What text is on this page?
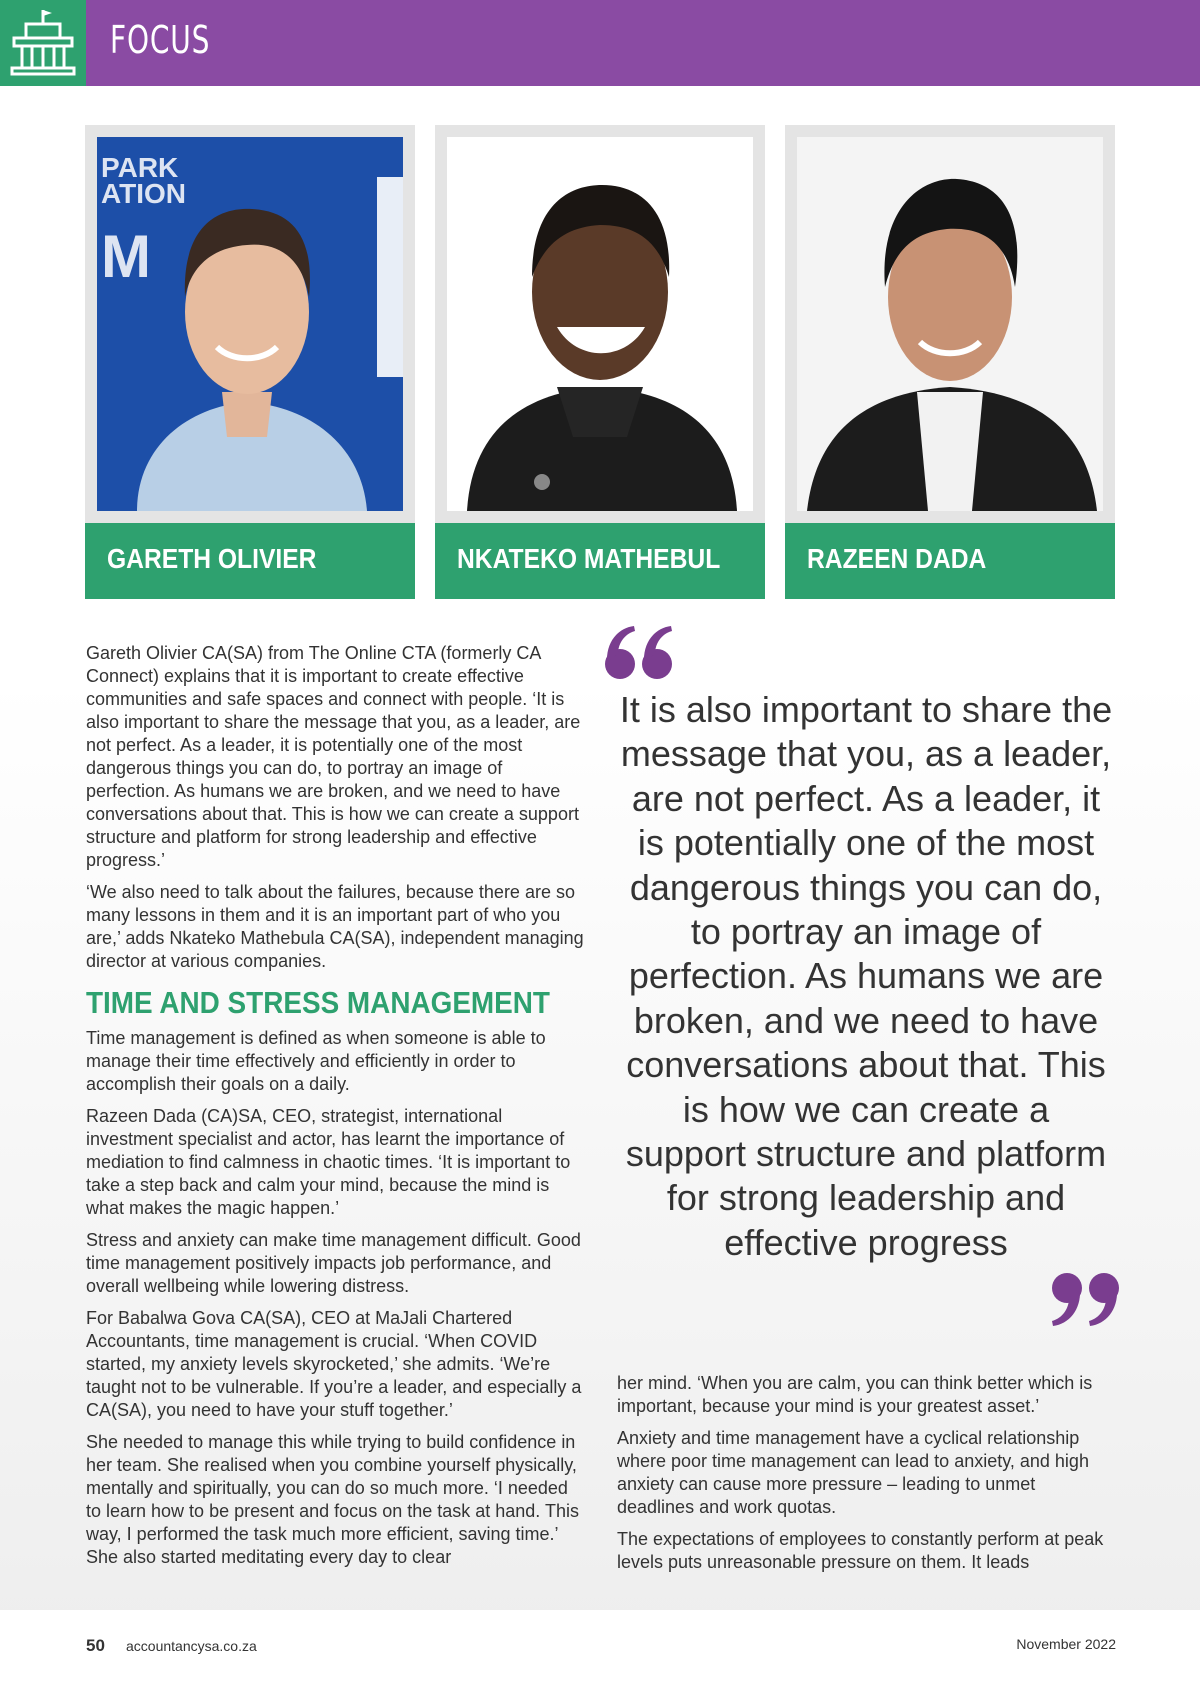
FOCUS
PARK
ATION
M
GARETH OLIVIER	NKATEKO MATHEBUL	RAZEEN DADA

Gareth Olivier CA(SA) from The Online CTA (formerly CA Connect) explains that it is important to create effective communities and safe spaces and connect with people. ‘It is also important to share the message that you, as a leader, are not perfect. As a leader, it is potentially one of the most dangerous things you can do, to portray an image of perfection. As humans we are broken, and we need to have conversations about that. This is how we can create a support structure and platform for strong leadership and effective progress.’

‘We also need to talk about the failures, because there are so many lessons in them and it is an important part of who you are,’ adds Nkateko Mathebula CA(SA), independent managing director at various companies.

TIME AND STRESS MANAGEMENT

Time management is defined as when someone is able to manage their time effectively and efficiently in order to accomplish their goals on a daily.

Razeen Dada (CA)SA, CEO, strategist, international investment specialist and actor, has learnt the importance of mediation to find calmness in chaotic times. ‘It is important to take a step back and calm your mind, because the mind is what makes the magic happen.’

Stress and anxiety can make time management difficult. Good time management positively impacts job performance, and overall wellbeing while lowering distress.

For Babalwa Gova CA(SA), CEO at MaJali Chartered Accountants, time management is crucial. ‘When COVID started, my anxiety levels skyrocketed,’ she admits. ‘We’re taught not to be vulnerable. If you’re a leader, and especially a CA(SA), you need to have your stuff together.’

She needed to manage this while trying to build confidence in her team. She realised when you combine yourself physically, mentally and spiritually, you can do so much more. ‘I needed to learn how to be present and focus on the task at hand. This way, I performed the task much more efficient, saving time.’ She also started meditating every day to clear

It is also important to share the message that you, as a leader, are not perfect. As a leader, it is potentially one of the most dangerous things you can do, to portray an image of perfection. As humans we are broken, and we need to have conversations about that. This is how we can create a support structure and platform for strong leadership and effective progress

her mind. ‘When you are calm, you can think better which is important, because your mind is your greatest asset.’

Anxiety and time management have a cyclical relationship where poor time management can lead to anxiety, and high anxiety can cause more pressure – leading to unmet deadlines and work quotas.

The expectations of employees to constantly perform at peak levels puts unreasonable pressure on them. It leads

50 accountancysa.co.za	November 2022
